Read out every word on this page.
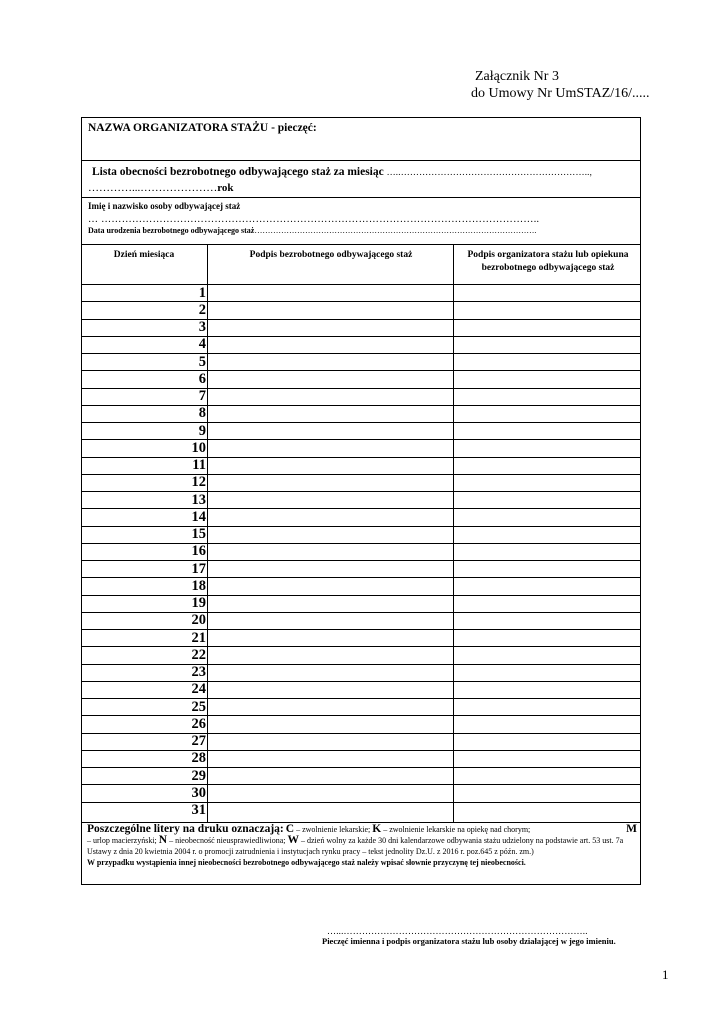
Załącznik Nr 3
do Umowy Nr UmSTAZ/16/.....
NAZWA ORGANIZATORA STAŻU - pieczęć:
Lista obecności bezrobotnego odbywającego staż za miesiąc …..……………………………………………………..,
…………...…………………rok
Imię i nazwisko osoby odbywającej staż
… ………………………………………………………………………………………………………………..
Data urodzenia bezrobotnego odbywającego staż…………………………………………………………………………………………….
Dzień miesiąca	Podpis bezrobotnego odbywającego staż	Podpis organizatora stażu lub opiekuna bezrobotnego odbywającego staż
1
2
3
4
5
6
7
8
9
10
11
12
13
14
15
16
17
18
19
20
21
22
23
24
25
26
27
28
29
30
31
Poszczególne litery na druku oznaczają: C – zwolnienie lekarskie; K – zwolnienie lekarskie na opiekę nad chorym;	M
– urlop macierzyński; N – nieobecność nieusprawiedliwiona; W – dzień wolny za każde 30 dni kalendarzowe odbywania stażu udzielony na podstawie art. 53 ust. 7a Ustawy z dnia 20 kwietnia 2004 r. o promocji zatrudnienia i instytucjach rynku pracy – tekst jednolity Dz.U. z 2016 r. poz.645 z późn. zm.)
W przypadku wystąpienia innej nieobecności bezrobotnego odbywającego staż należy wpisać słownie przyczynę tej nieobecności.
…...……………………………………………………………………..
Pieczęć imienna i podpis organizatora stażu lub osoby działającej w jego imieniu.
1
